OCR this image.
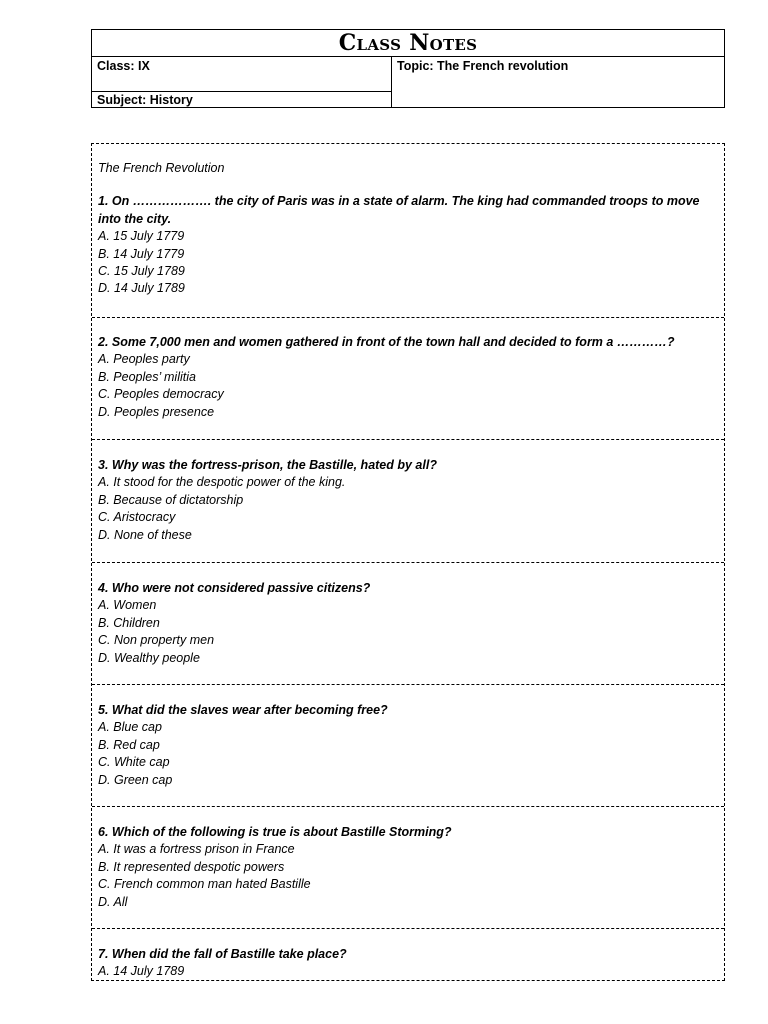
Class Notes
Class: IX
Subject: History
Topic: The French revolution
The French Revolution
1. On ………………. the city of Paris was in a state of alarm. The king had commanded troops to move into the city.
A. 15 July 1779
B. 14 July 1779
C. 15 July 1789
D. 14 July 1789
2. Some 7,000 men and women gathered in front of the town hall and decided to form a …………?
A. Peoples party
B. Peoples’ militia
C. Peoples democracy
D. Peoples presence
3. Why was the fortress-prison, the Bastille, hated by all?
A. It stood for the despotic power of the king.
B. Because of dictatorship
C. Aristocracy
D. None of these
4. Who were not considered passive citizens?
A. Women
B. Children
C. Non property men
D. Wealthy people
5. What did the slaves wear after becoming free?
A. Blue cap
B. Red cap
C. White cap
D. Green cap
6. Which of the following is true is about Bastille Storming?
A. It was a fortress prison in France
B. It represented despotic powers
C. French common man hated Bastille
D. All
7. When did the fall of Bastille take place?
A. 14 July 1789
